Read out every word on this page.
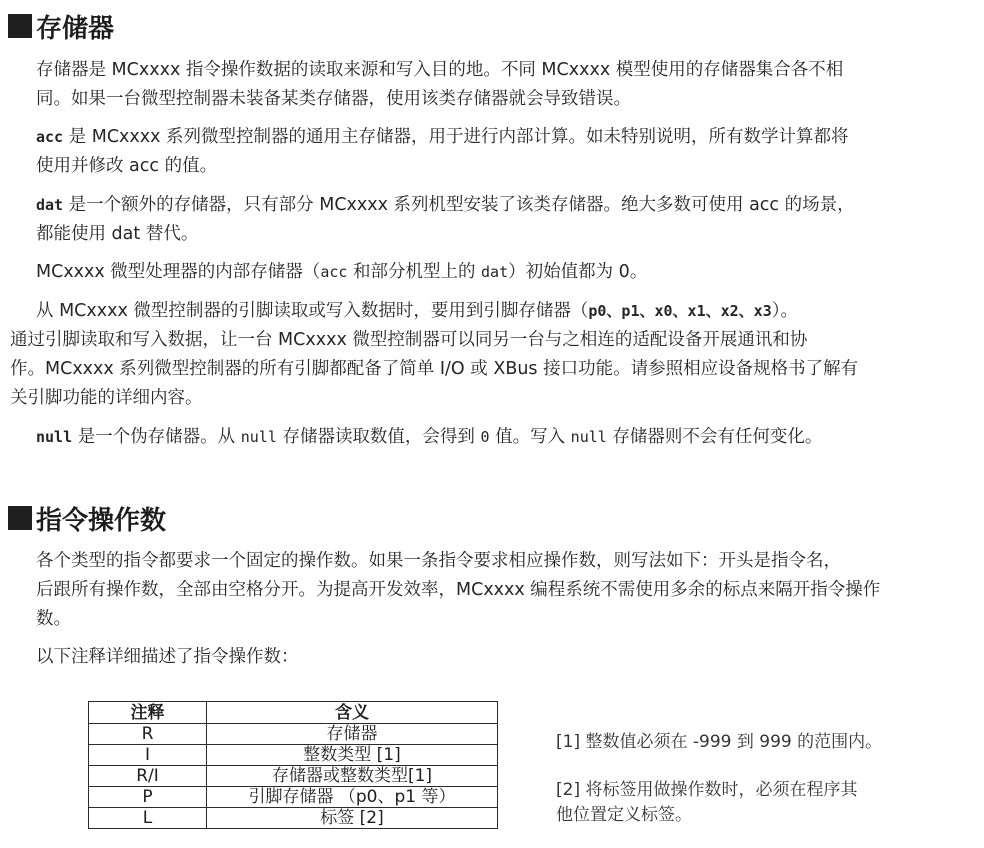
存储器

存储器是 MCxxxx 指令操作数据的读取来源和写入目的地。不同 MCxxxx 模型使用的存储器集合各不相
同。如果一台微型控制器未装备某类存储器，使用该类存储器就会导致错误。

acc 是 MCxxxx 系列微型控制器的通用主存储器，用于进行内部计算。如未特别说明，所有数学计算都将
使用并修改 acc 的值。

dat 是一个额外的存储器，只有部分 MCxxxx 系列机型安装了该类存储器。绝大多数可使用 acc 的场景，
都能使用 dat 替代。

MCxxxx 微型处理器的内部存储器（acc 和部分机型上的 dat）初始值都为 0。

从 MCxxxx 微型控制器的引脚读取或写入数据时，要用到引脚存储器（p0、p1、x0、x1、x2、x3）。
通过引脚读取和写入数据，让一台 MCxxxx 微型控制器可以同另一台与之相连的适配设备开展通讯和协
作。MCxxxx 系列微型控制器的所有引脚都配备了简单 I/O 或 XBus 接口功能。请参照相应设备规格书了解有
关引脚功能的详细内容。

null 是一个伪存储器。从 null 存储器读取数值，会得到 0 值。写入 null 存储器则不会有任何变化。

指令操作数

各个类型的指令都要求一个固定的操作数。如果一条指令要求相应操作数，则写法如下：开头是指令名，
后跟所有操作数，全部由空格分开。为提高开发效率，MCxxxx 编程系统不需使用多余的标点来隔开指令操作
数。

以下注释详细描述了指令操作数：

注释	含义
R	存储器
I	整数类型 [1]
R/I	存储器或整数类型[1]
P	引脚存储器 （p0、p1 等）
L	标签 [2]

[1] 整数值必须在 -999 到 999 的范围内。

[2] 将标签用做操作数时，必须在程序其
他位置定义标签。
